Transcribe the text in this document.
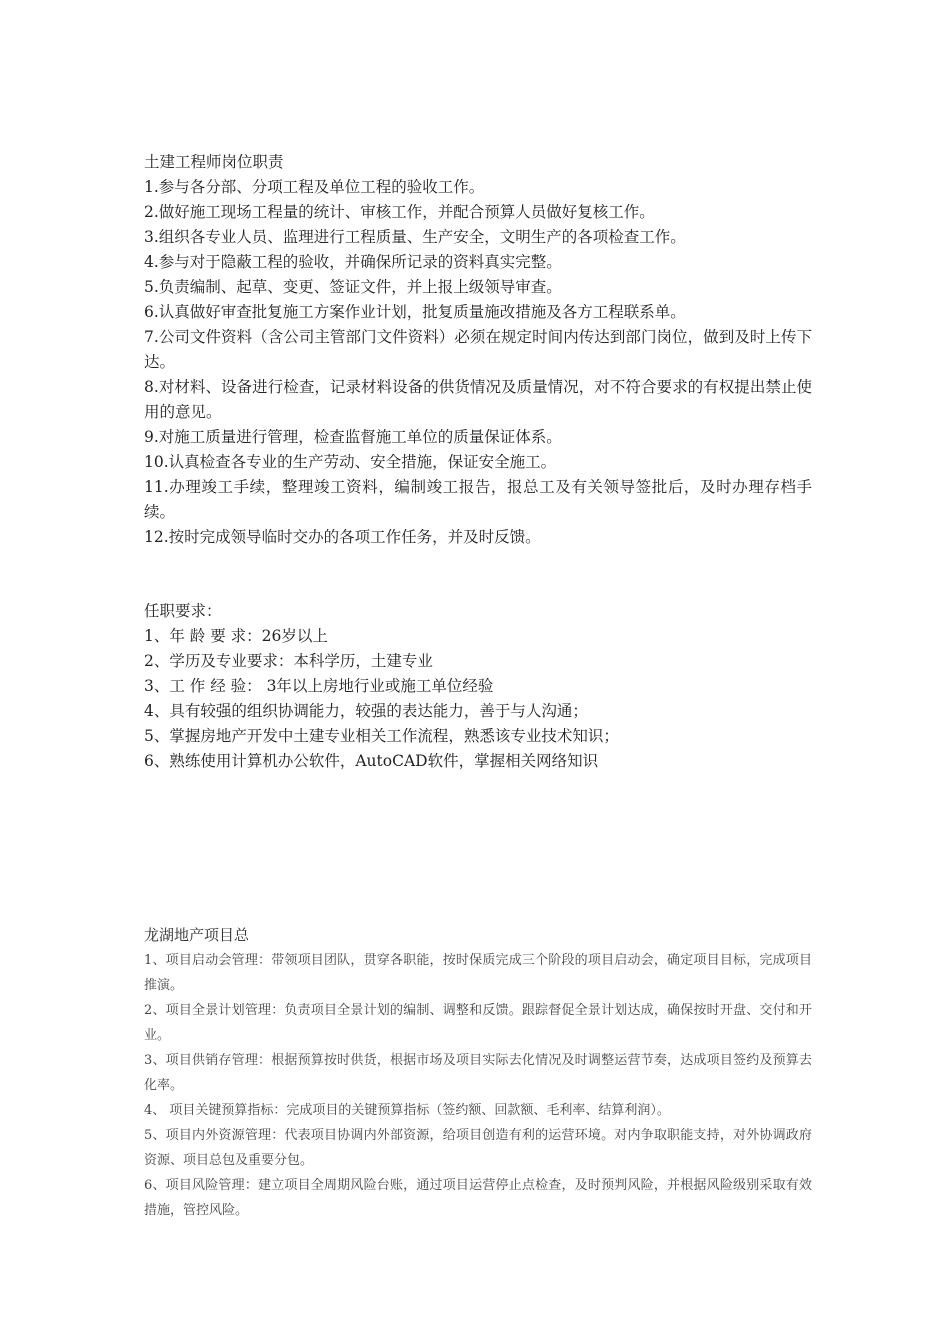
土建工程师岗位职责

1.参与各分部、分项工程及单位工程的验收工作。

2.做好施工现场工程量的统计、审核工作，并配合预算人员做好复核工作。

3.组织各专业人员、监理进行工程质量、生产安全，文明生产的各项检查工作。

4.参与对于隐蔽工程的验收，并确保所记录的资料真实完整。

5.负责编制、起草、变更、签证文件，并上报上级领导审查。

6.认真做好审查批复施工方案作业计划，批复质量施改措施及各方工程联系单。

7.公司文件资料（含公司主管部门文件资料）必须在规定时间内传达到部门岗位，做到及时上传下达。

8.对材料、设备进行检查，记录材料设备的供货情况及质量情况，对不符合要求的有权提出禁止使用的意见。

9.对施工质量进行管理，检查监督施工单位的质量保证体系。

10.认真检查各专业的生产劳动、安全措施，保证安全施工。

11.办理竣工手续，整理竣工资料，编制竣工报告，报总工及有关领导签批后，及时办理存档手续。

12.按时完成领导临时交办的各项工作任务，并及时反馈。

任职要求：

1、年 龄 要 求：26岁以上

2、学历及专业要求：本科学历，土建专业

3、工 作 经 验： 3年以上房地行业或施工单位经验

4、具有较强的组织协调能力，较强的表达能力，善于与人沟通；

5、掌握房地产开发中土建专业相关工作流程，熟悉该专业技术知识；

6、熟练使用计算机办公软件，AutoCAD软件，掌握相关网络知识

龙湖地产项目总

1、项目启动会管理：带领项目团队，贯穿各职能，按时保质完成三个阶段的项目启动会，确定项目目标，完成项目推演。

2、项目全景计划管理：负责项目全景计划的编制、调整和反馈。跟踪督促全景计划达成，确保按时开盘、交付和开业。

3、项目供销存管理：根据预算按时供货，根据市场及项目实际去化情况及时调整运营节奏，达成项目签约及预算去化率。

4、 项目关键预算指标：完成项目的关键预算指标（签约额、回款额、毛利率、结算利润）。

5、项目内外资源管理：代表项目协调内外部资源，给项目创造有利的运营环境。对内争取职能支持，对外协调政府资源、项目总包及重要分包。

6、项目风险管理：建立项目全周期风险台账，通过项目运营停止点检查，及时预判风险，并根据风险级别采取有效措施，管控风险。
